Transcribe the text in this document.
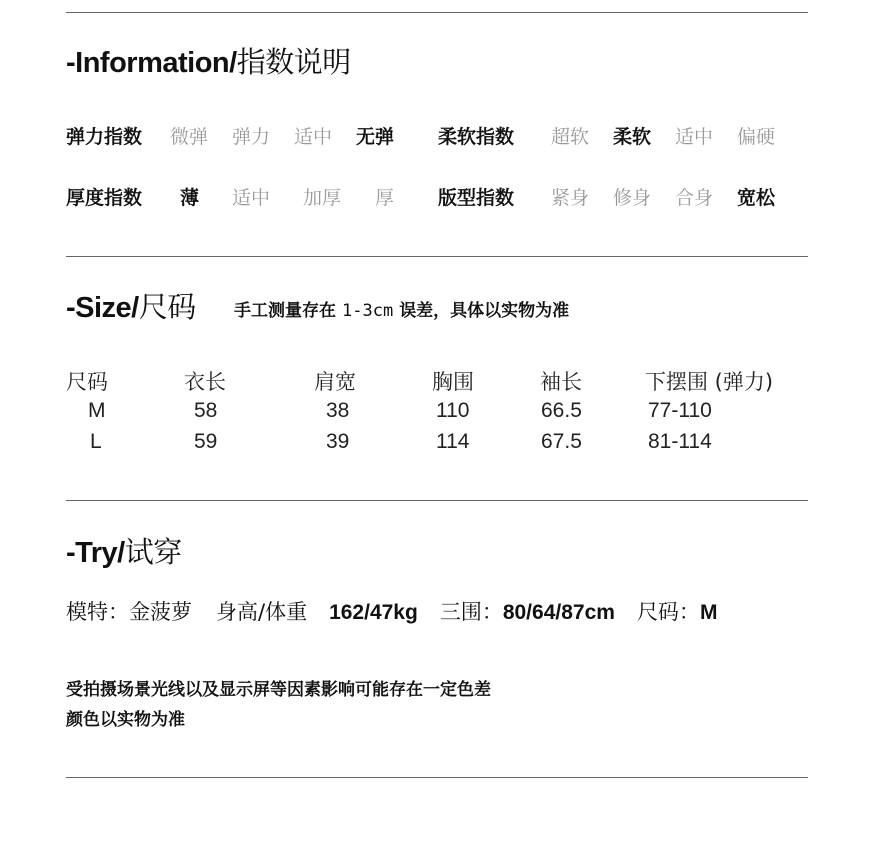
-Information/指数说明
弹力指数 微弹 弹力 适中 无弹 柔软指数 超软 柔软 适中 偏硬
厚度指数 薄 适中 加厚 厚 版型指数 紧身 修身 合身 宽松
-Size/尺码 手工测量存在 1-3cm 误差，具体以实物为准
尺码	衣长	肩宽	胸围	袖长	下摆围 (弹力)
M	58	38	110	66.5	77-110
L	59	39	114	67.5	81-114
-Try/试穿
模特：金菠萝 身高/体重 162/47kg 三围：80/64/87cm 尺码：M
受拍摄场景光线以及显示屏等因素影响可能存在一定色差
颜色以实物为准
